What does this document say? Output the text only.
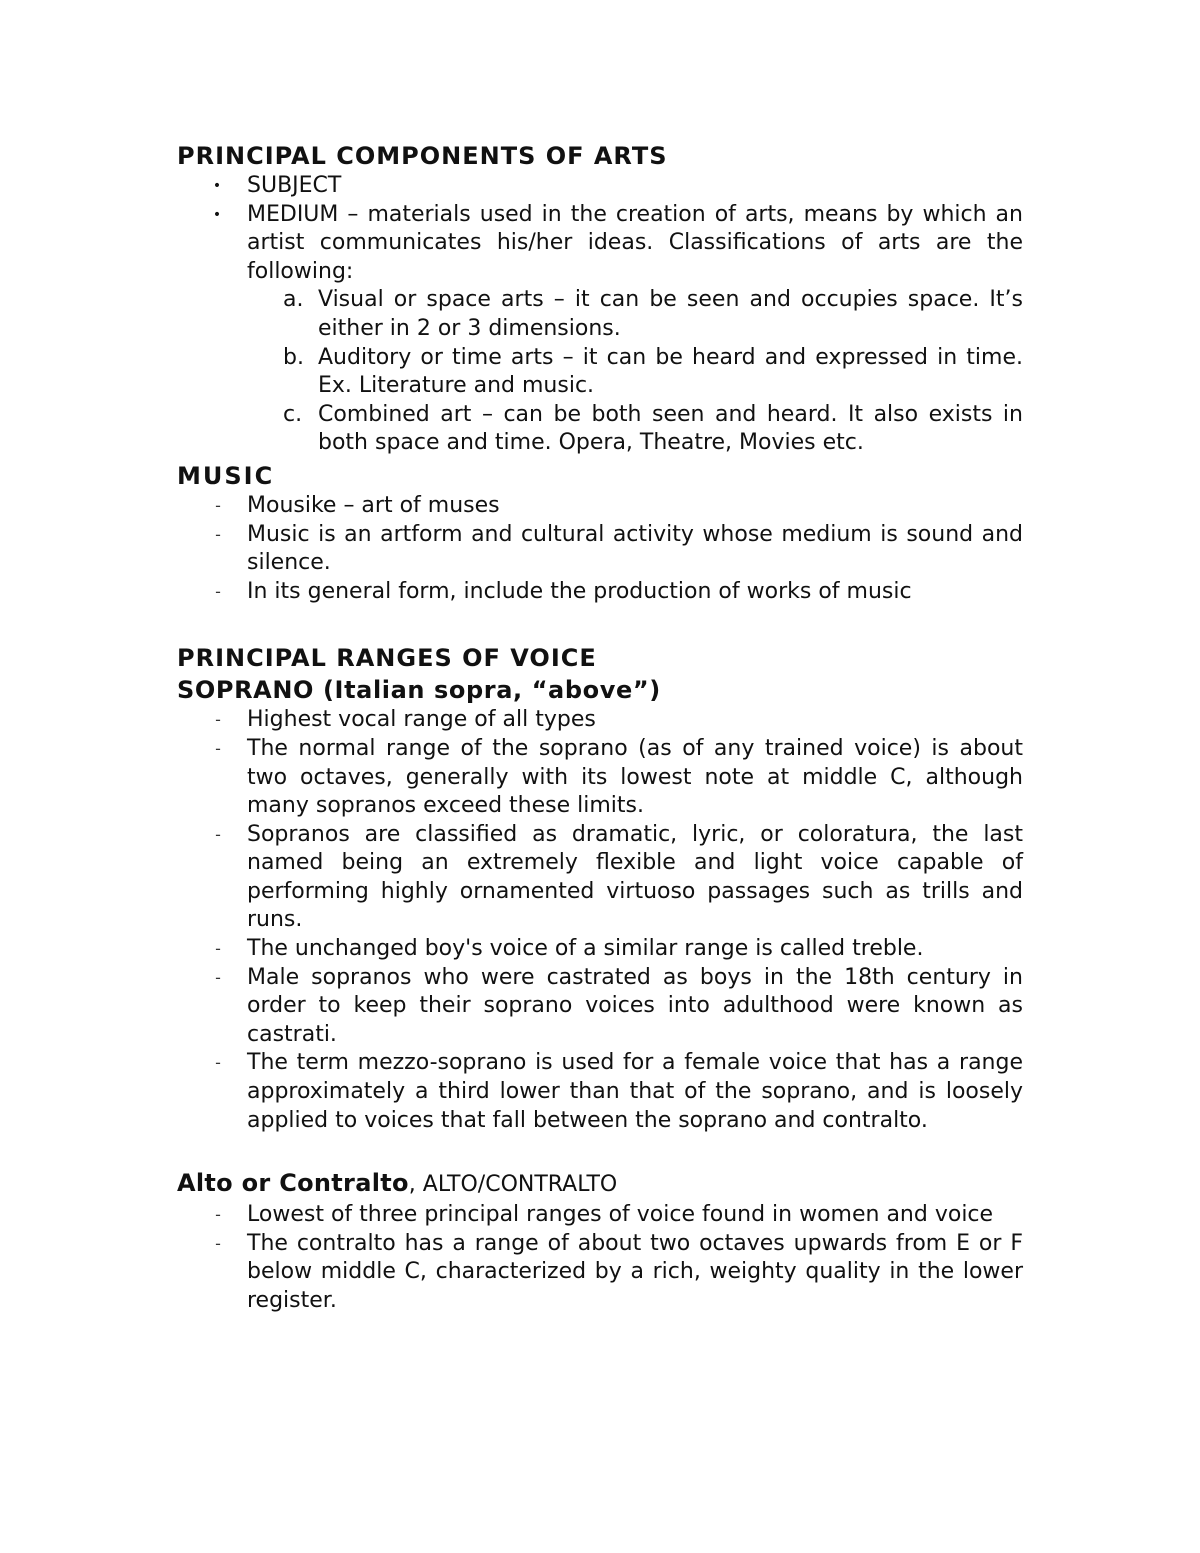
PRINCIPAL COMPONENTS OF ARTS
• SUBJECT
• MEDIUM – materials used in the creation of arts, means by which an artist communicates his/her ideas. Classifications of arts are the following:
a. Visual or space arts – it can be seen and occupies space. It’s either in 2 or 3 dimensions.
b. Auditory or time arts – it can be heard and expressed in time. Ex. Literature and music.
c. Combined art – can be both seen and heard. It also exists in both space and time. Opera, Theatre, Movies etc.
MUSIC
-	Mousike – art of muses
-	Music is an artform and cultural activity whose medium is sound and silence.
-	In its general form, include the production of works of music
PRINCIPAL RANGES OF VOICE
SOPRANO (Italian sopra, “above”)
-	Highest vocal range of all types
-	The normal range of the soprano (as of any trained voice) is about two octaves, generally with its lowest note at middle C, although many sopranos exceed these limits.
-	Sopranos are classified as dramatic, lyric, or coloratura, the last named being an extremely flexible and light voice capable of performing highly ornamented virtuoso passages such as trills and runs.
-	The unchanged boy's voice of a similar range is called treble.
-	Male sopranos who were castrated as boys in the 18th century in order to keep their soprano voices into adulthood were known as castrati.
-	The term mezzo-soprano is used for a female voice that has a range approximately a third lower than that of the soprano, and is loosely applied to voices that fall between the soprano and contralto.
Alto or Contralto, ALTO/CONTRALTO
-	Lowest of three principal ranges of voice found in women and voice
-	The contralto has a range of about two octaves upwards from E or F below middle C, characterized by a rich, weighty quality in the lower register.
